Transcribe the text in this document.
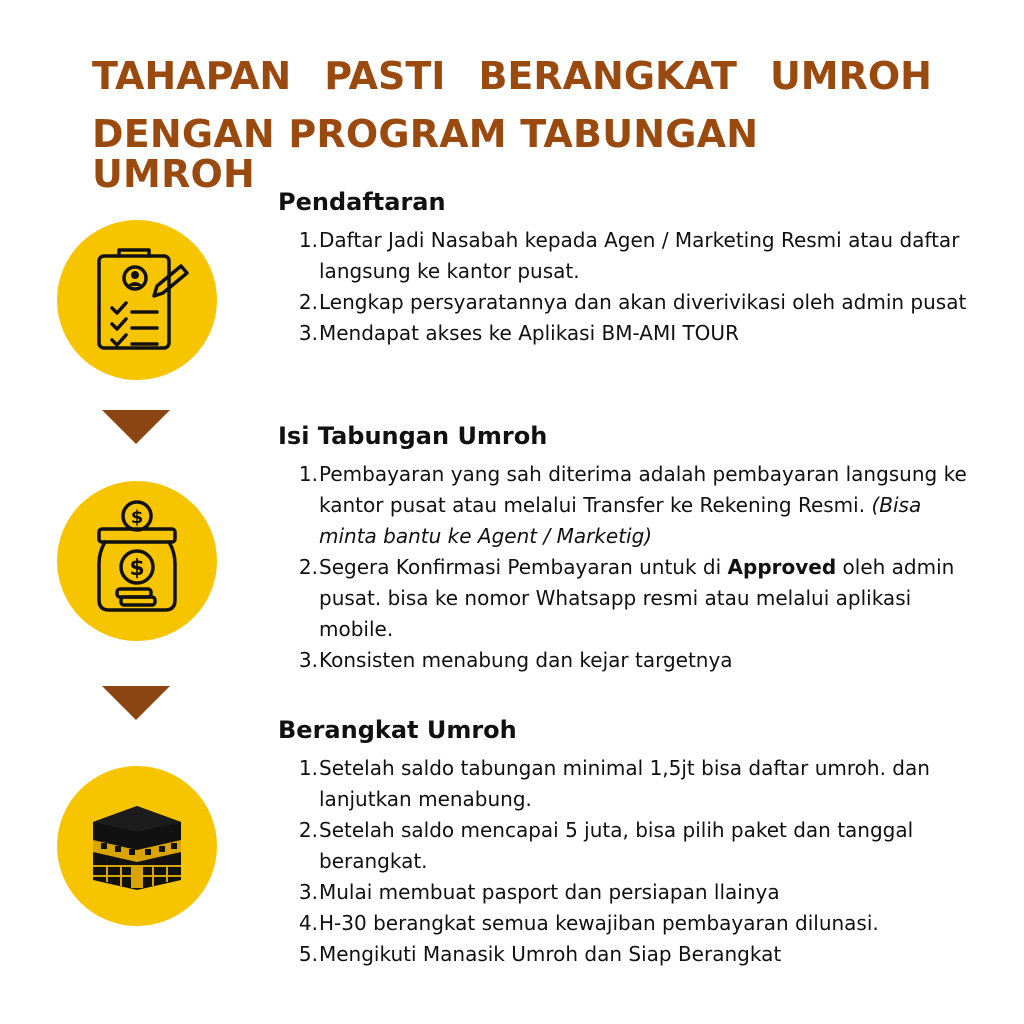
TAHAPAN PASTI BERANGKAT UMROH
DENGAN PROGRAM TABUNGAN UMROH
$
$
Pendaftaran
1. Daftar Jadi Nasabah kepada Agen / Marketing Resmi atau daftar langsung ke kantor pusat.
2. Lengkap persyaratannya dan akan diverivikasi oleh admin pusat
3. Mendapat akses ke Aplikasi BM-AMI TOUR
Isi Tabungan Umroh
1. Pembayaran yang sah diterima adalah pembayaran langsung ke kantor pusat atau melalui Transfer ke Rekening Resmi. (Bisa minta bantu ke Agent / Marketig)
2. Segera Konfirmasi Pembayaran untuk di Approved oleh admin pusat. bisa ke nomor Whatsapp resmi atau melalui aplikasi mobile.
3. Konsisten menabung dan kejar targetnya
Berangkat Umroh
1. Setelah saldo tabungan minimal 1,5jt bisa daftar umroh. dan lanjutkan menabung.
2. Setelah saldo mencapai 5 juta, bisa pilih paket dan tanggal berangkat.
3. Mulai membuat pasport dan persiapan llainya
4. H-30 berangkat semua kewajiban pembayaran dilunasi.
5. Mengikuti Manasik Umroh dan Siap Berangkat
